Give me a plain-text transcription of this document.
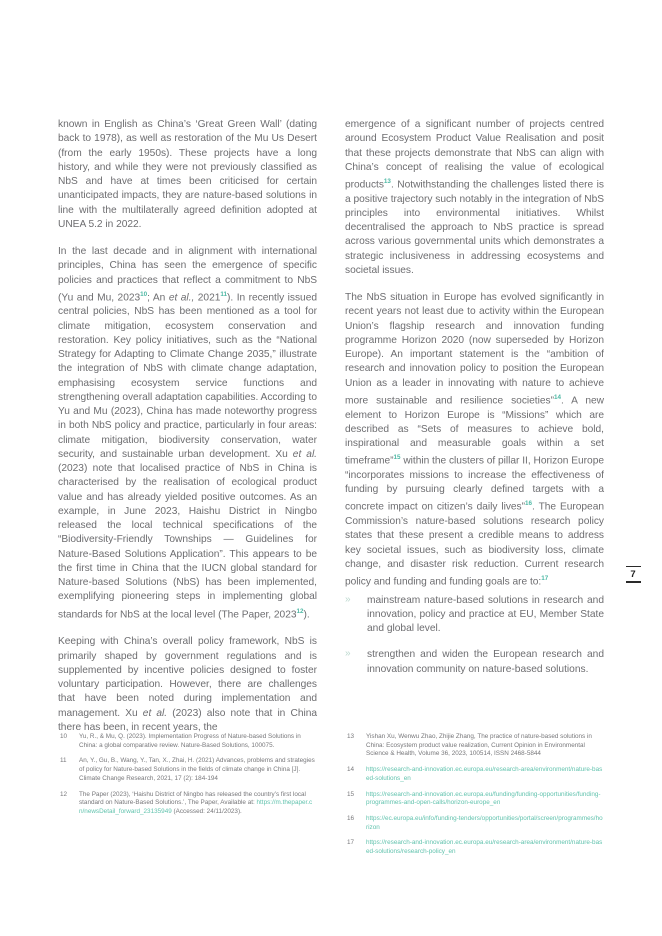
known in English as China’s ‘Great Green Wall’ (dating back to 1978), as well as restoration of the Mu Us Desert (from the early 1950s). These projects have a long history, and while they were not previously classified as NbS and have at times been criticised for certain unanticipated impacts, they are nature-based solutions in line with the multilaterally agreed definition adopted at UNEA 5.2 in 2022.

In the last decade and in alignment with international principles, China has seen the emergence of specific policies and practices that reflect a commitment to NbS (Yu and Mu, 2023$^{10}$; An et al., 2021$^{11}$). In recently issued central policies, NbS has been mentioned as a tool for climate mitigation, ecosystem conservation and restoration. Key policy initiatives, such as the “National Strategy for Adapting to Climate Change 2035,” illustrate the integration of NbS with climate change adaptation, emphasising ecosystem service functions and strengthening overall adaptation capabilities. According to Yu and Mu (2023), China has made noteworthy progress in both NbS policy and practice, particularly in four areas: climate mitigation, biodiversity conservation, water security, and sustainable urban development. Xu et al. (2023) note that localised practice of NbS in China is characterised by the realisation of ecological product value and has already yielded positive outcomes. As an example, in June 2023, Haishu District in Ningbo released the local technical specifications of the “Biodiversity-Friendly Townships — Guidelines for Nature-Based Solutions Application”. This appears to be the first time in China that the IUCN global standard for Nature-based Solutions (NbS) has been implemented, exemplifying pioneering steps in implementing global standards for NbS at the local level (The Paper, 2023$^{12}$).

Keeping with China’s overall policy framework, NbS is primarily shaped by government regulations and is supplemented by incentive policies designed to foster voluntary participation. However, there are challenges that have been noted during implementation and management. Xu et al. (2023) also note that in China there has been, in recent years, the

emergence of a significant number of projects centred around Ecosystem Product Value Realisation and posit that these projects demonstrate that NbS can align with China’s concept of realising the value of ecological products$^{13}$. Notwithstanding the challenges listed there is a positive trajectory such notably in the integration of NbS principles into environmental initiatives. Whilst decentralised the approach to NbS practice is spread across various governmental units which demonstrates a strategic inclusiveness in addressing ecosystems and societal issues.

The NbS situation in Europe has evolved significantly in recent years not least due to activity within the European Union’s flagship research and innovation funding programme Horizon 2020 (now superseded by Horizon Europe). An important statement is the “ambition of research and innovation policy to position the European Union as a leader in innovating with nature to achieve more sustainable and resilience societies”$^{14}$. A new element to Horizon Europe is “Missions” which are described as “Sets of measures to achieve bold, inspirational and measurable goals within a set timeframe”$^{15}$ within the clusters of pillar II, Horizon Europe “incorporates missions to increase the effectiveness of funding by pursuing clearly defined targets with a concrete impact on citizen’s daily lives”$^{16}$. The European Commission’s nature-based solutions research policy states that these present a credible means to address key societal issues, such as biodiversity loss, climate change, and disaster risk reduction. Current research policy and funding and funding goals are to:$^{17}$

» mainstream nature-based solutions in research and innovation, policy and practice at EU, Member State and global level.
» strengthen and widen the European research and innovation community on nature-based solutions.
7
10 Yu, R., & Mu, Q. (2023). Implementation Progress of Nature-based Solutions in China: a global comparative review. Nature-Based Solutions, 100075.
11 An, Y., Gu, B., Wang, Y., Tan, X., Zhai, H. (2021) Advances, problems and strategies of policy for Nature-based Solutions in the fields of climate change in China [J]. Climate Change Research, 2021, 17 (2): 184-194
12 The Paper (2023), ‘Haishu District of Ningbo has released the country’s first local standard on Nature-Based Solutions.’, The Paper, Available at: https://m.thepaper.cn/newsDetail_forward_23135949 (Accessed: 24/11/2023).
13 Yishan Xu, Wenwu Zhao, Zhijie Zhang, The practice of nature-based solutions in China: Ecosystem product value realization, Current Opinion in Environmental Science & Health, Volume 36, 2023, 100514, ISSN 2468-5844
14 https://research-and-innovation.ec.europa.eu/research-area/environment/nature-based-solutions_en
15 https://research-and-innovation.ec.europa.eu/funding/funding-opportunities/funding-programmes-and-open-calls/horizon-europe_en
16 https://ec.europa.eu/info/funding-tenders/opportunities/portal/screen/programmes/horizon
17 https://research-and-innovation.ec.europa.eu/research-area/environment/nature-based-solutions/research-policy_en
